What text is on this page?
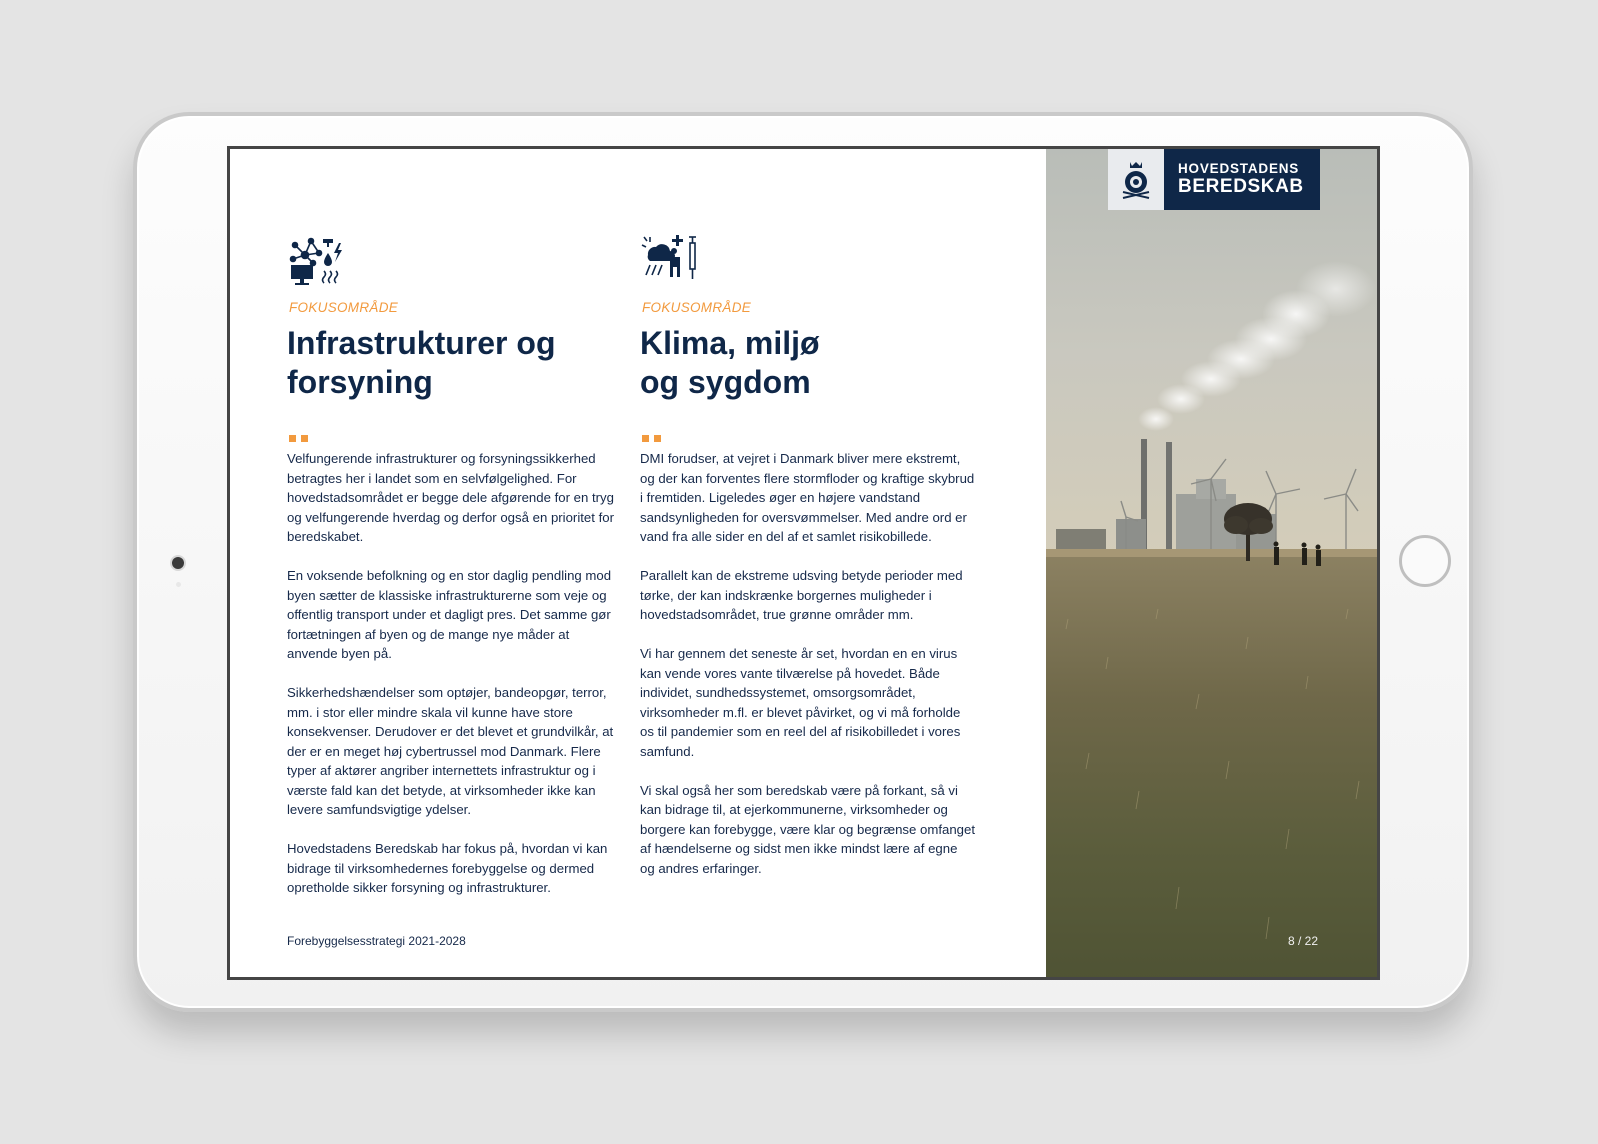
FOKUSOMRÅDE
Infrastrukturer og
forsyning

Velfungerende infrastrukturer og forsyningssikkerhed betragtes her i landet som en selvfølgelighed. For hovedstadsområdet er begge dele afgørende for en tryg og velfungerende hverdag og derfor også en prioritet for beredskabet.

En voksende befolkning og en stor daglig pendling mod byen sætter de klassiske infrastrukturerne som veje og offentlig transport under et dagligt pres. Det samme gør fortætningen af byen og de mange nye måder at anvende byen på.

Sikkerhedshændelser som optøjer, bandeopgør, terror, mm. i stor eller mindre skala vil kunne have store konsekvenser. Derudover er det blevet et grundvilkår, at der er en meget høj cybertrussel mod Danmark. Flere typer af aktører angriber internettets infrastruktur og i værste fald kan det betyde, at virksomheder ikke kan levere samfundsvigtige ydelser.

Hovedstadens Beredskab har fokus på, hvordan vi kan bidrage til virksomhedernes forebyggelse og dermed opretholde sikker forsyning og infrastrukturer.

FOKUSOMRÅDE
Klima, miljø
og sygdom

DMI forudser, at vejret i Danmark bliver mere ekstremt, og der kan forventes flere stormfloder og kraftige skybrud i fremtiden. Ligeledes øger en højere vandstand sandsynligheden for oversvømmelser. Med andre ord er vand fra alle sider en del af et samlet risikobillede.

Parallelt kan de ekstreme udsving betyde perioder med tørke, der kan indskrænke borgernes muligheder i hovedstadsområdet, true grønne områder mm.

Vi har gennem det seneste år set, hvordan en en virus kan vende vores vante tilværelse på hovedet. Både individet, sundhedssystemet, omsorgsområdet, virksomheder m.fl. er blevet påvirket, og vi må forholde os til pandemier som en reel del af risikobilledet i vores samfund.

Vi skal også her som beredskab være på forkant, så vi kan bidrage til, at ejerkommunerne, virksomheder og borgere kan forebygge, være klar og begrænse omfanget af hændelserne og sidst men ikke mindst lære af egne og andres erfaringer.

Forebyggelsesstrategi 2021-2028
HOVEDSTADENS
BEREDSKAB
8 / 22
